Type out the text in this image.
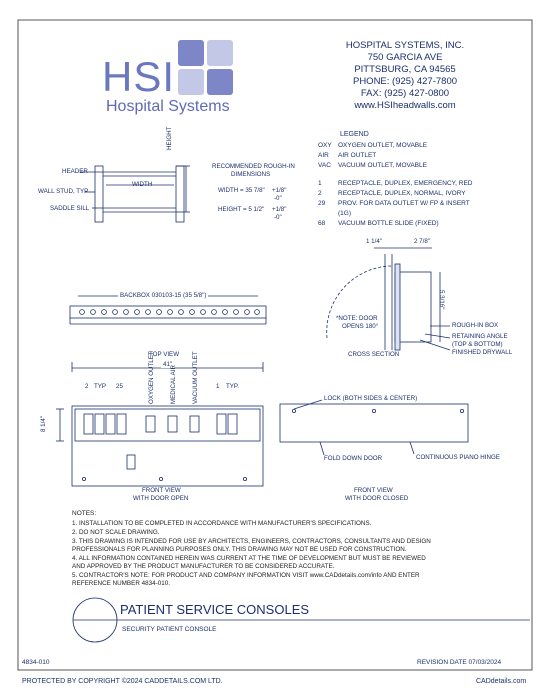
HSI
Hospital Systems
HOSPITAL SYSTEMS, INC.
750 GARCIA AVE
PITTSBURG, CA 94565
PHONE: (925) 427-7800
FAX: (925) 427-0800
www.HSIheadwalls.com
LEGEND
OXY OXYGEN OUTLET, MOVABLE
AIR AIR OUTLET
VAC VACUUM OUTLET, MOVABLE
1	RECEPTACLE, DUPLEX, EMERGENCY, RED
2	RECEPTACLE, DUPLEX, NORMAL, IVORY
29 PROV. FOR DATA OUTLET W/ FP & INSERT
(1G)
68 VACUUM BOTTLE SLIDE (FIXED)
HEADER
WALL STUD, TYP
SADDLE SILL
WIDTH
HEIGHT
RECOMMENDED ROUGH-IN
DIMENSIONS
WIDTH = 35 7/8" +1/8"
-0"
HEIGHT = 5 1/2" +1/8"
-0"
BACKBOX 030103-15 (35 5/8")
TOP VIEW
1 1/4"	2 7/8"
5 3/16"
*NOTE: DOOR
OPENS 180°
CROSS SECTION
ROUGH-IN BOX
RETAINING ANGLE
(TOP & BOTTOM)
FINISHED DRYWALL
41"
8 1/4"
2 TYP 25	1 TYP.
OXYGEN OUTLET MEDICAL AIR VACUUM OUTLET
FRONT VIEW
WITH DOOR OPEN
LOCK (BOTH SIDES & CENTER)
FOLD DOWN DOOR	CONTINUOUS PIANO HINGE
FRONT VIEW
WITH DOOR CLOSED
NOTES:
1. INSTALLATION TO BE COMPLETED IN ACCORDANCE WITH MANUFACTURER'S SPECIFICATIONS.
2. DO NOT SCALE DRAWING.
3. THIS DRAWING IS INTENDED FOR USE BY ARCHITECTS, ENGINEERS, CONTRACTORS, CONSULTANTS AND DESIGN
PROFESSIONALS FOR PLANNING PURPOSES ONLY. THIS DRAWING MAY NOT BE USED FOR CONSTRUCTION.
4. ALL INFORMATION CONTAINED HEREIN WAS CURRENT AT THE TIME OF DEVELOPMENT BUT MUST BE REVIEWED
AND APPROVED BY THE PRODUCT MANUFACTURER TO BE CONSIDERED ACCURATE.
5. CONTRACTOR'S NOTE: FOR PRODUCT AND COMPANY INFORMATION VISIT www.CADdetails.com/info AND ENTER
REFERENCE NUMBER 4834-010.
PATIENT SERVICE CONSOLES
SECURITY PATIENT CONSOLE
4834-010	REVISION DATE 07/03/2024
PROTECTED BY COPYRIGHT ©2024 CADDETAILS.COM LTD.	CADdetails.com
